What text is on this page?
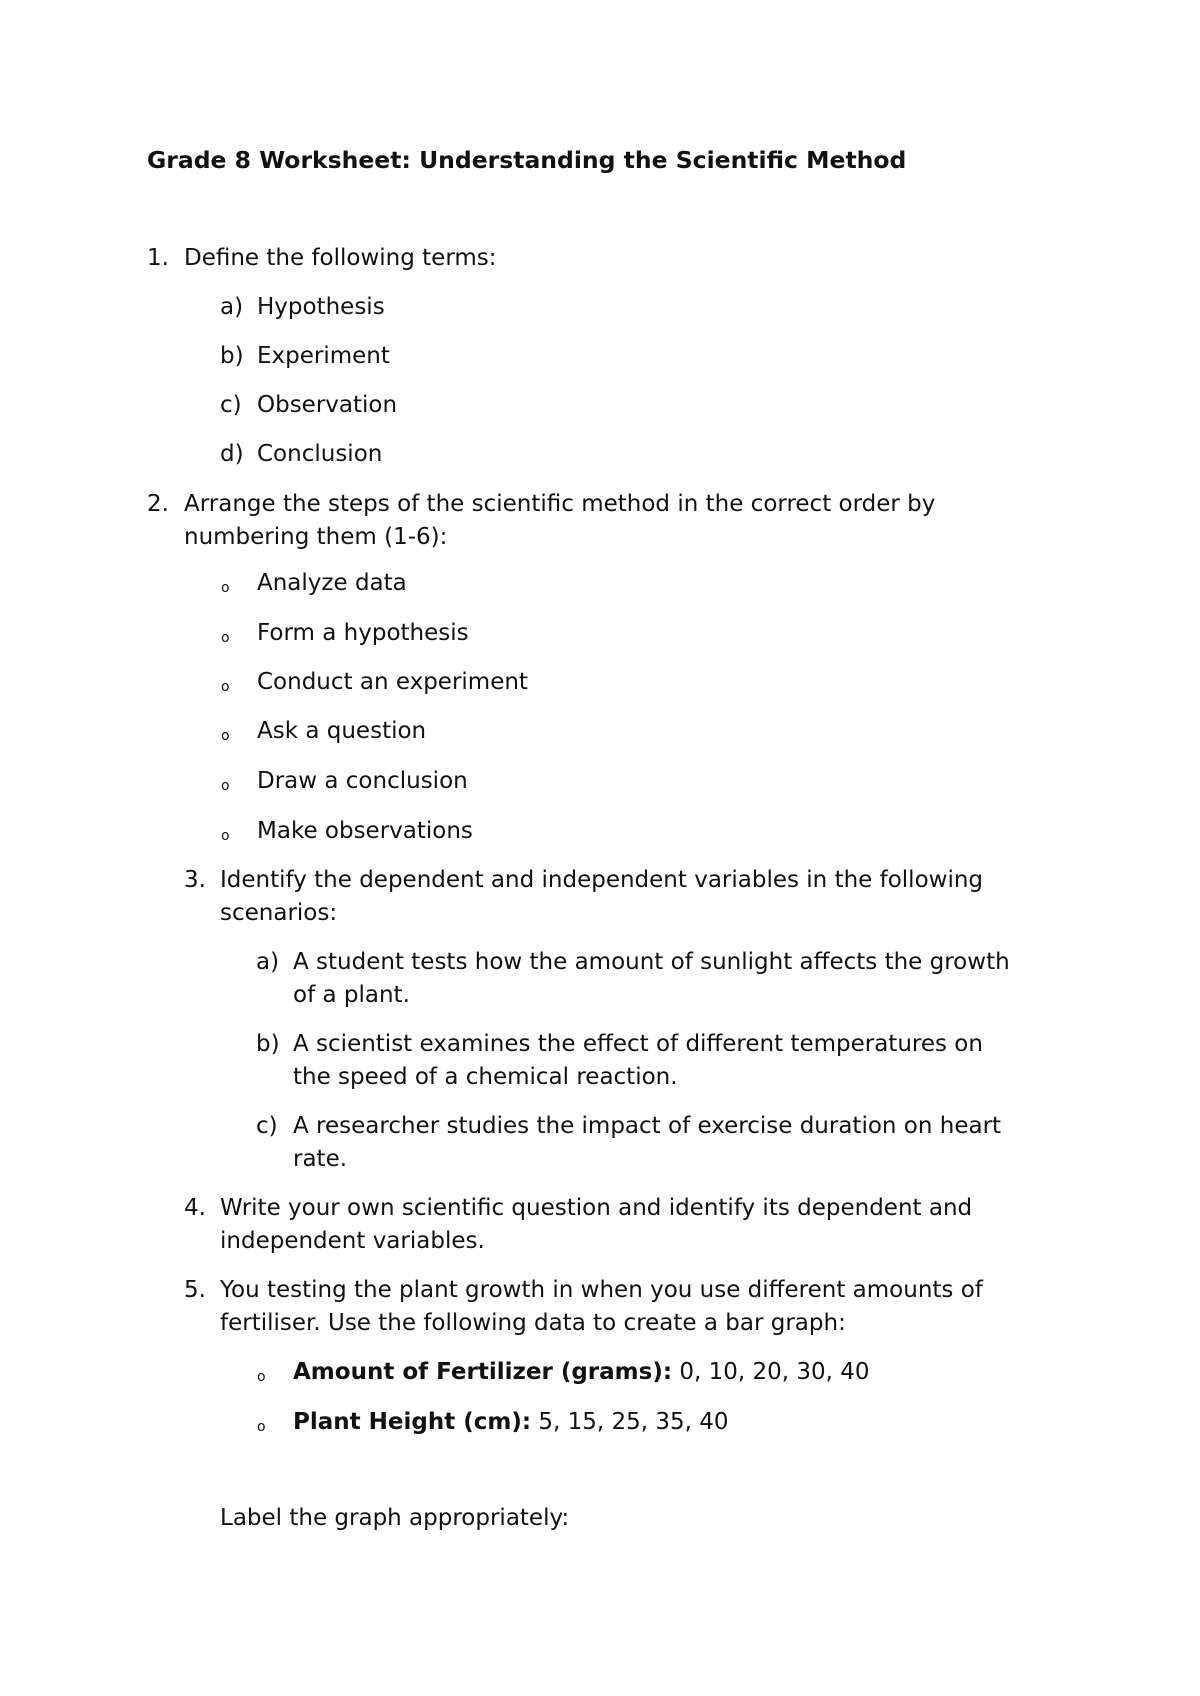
Grade 8 Worksheet: Understanding the Scientific Method
1. Define the following terms:
a) Hypothesis
b) Experiment
c) Observation
d) Conclusion
2. Arrange the steps of the scientific method in the correct order by
numbering them (1-6):
o Analyze data
o Form a hypothesis
o Conduct an experiment
o Ask a question
o Draw a conclusion
o Make observations
3. Identify the dependent and independent variables in the following
scenarios:
a) A student tests how the amount of sunlight affects the growth
of a plant.
b) A scientist examines the effect of different temperatures on
the speed of a chemical reaction.
c) A researcher studies the impact of exercise duration on heart
rate.
4. Write your own scientific question and identify its dependent and
independent variables.
5. You testing the plant growth in when you use different amounts of
fertiliser. Use the following data to create a bar graph:
o Amount of Fertilizer (grams): 0, 10, 20, 30, 40
o Plant Height (cm): 5, 15, 25, 35, 40
Label the graph appropriately:
